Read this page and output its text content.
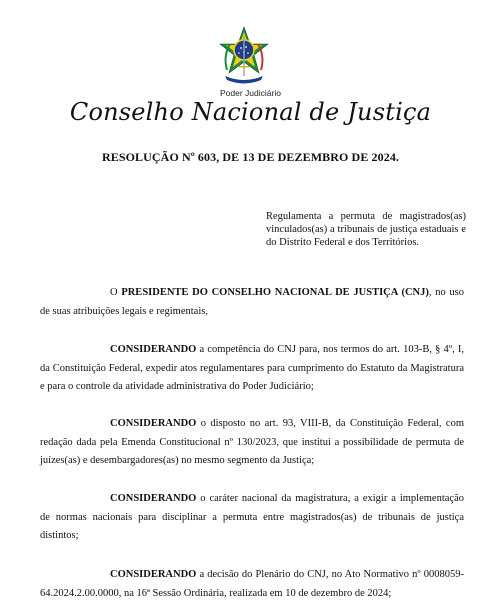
Poder Judiciário
Conselho Nacional de Justiça
RESOLUÇÃO Nº 603, DE 13 DE DEZEMBRO DE 2024.
Regulamenta a permuta de magistrados(as) vinculados(as) a tribunais de justiça estaduais e do Distrito Federal e dos Territórios.

O PRESIDENTE DO CONSELHO NACIONAL DE JUSTIÇA (CNJ), no uso de suas atribuições legais e regimentais,

CONSIDERANDO a competência do CNJ para, nos termos do art. 103-B, § 4º, I, da Constituição Federal, expedir atos regulamentares para cumprimento do Estatuto da Magistratura e para o controle da atividade administrativa do Poder Judiciário;

CONSIDERANDO o disposto no art. 93, VIII-B, da Constituição Federal, com redação dada pela Emenda Constitucional nº 130/2023, que institui a possibilidade de permuta de juízes(as) e desembargadores(as) no mesmo segmento da Justiça;

CONSIDERANDO o caráter nacional da magistratura, a exigir a implementação de normas nacionais para disciplinar a permuta entre magistrados(as) de tribunais de justiça distintos;

CONSIDERANDO a decisão do Plenário do CNJ, no Ato Normativo nº 0008059-64.2024.2.00.0000, na 16ª Sessão Ordinária, realizada em 10 de dezembro de 2024;
